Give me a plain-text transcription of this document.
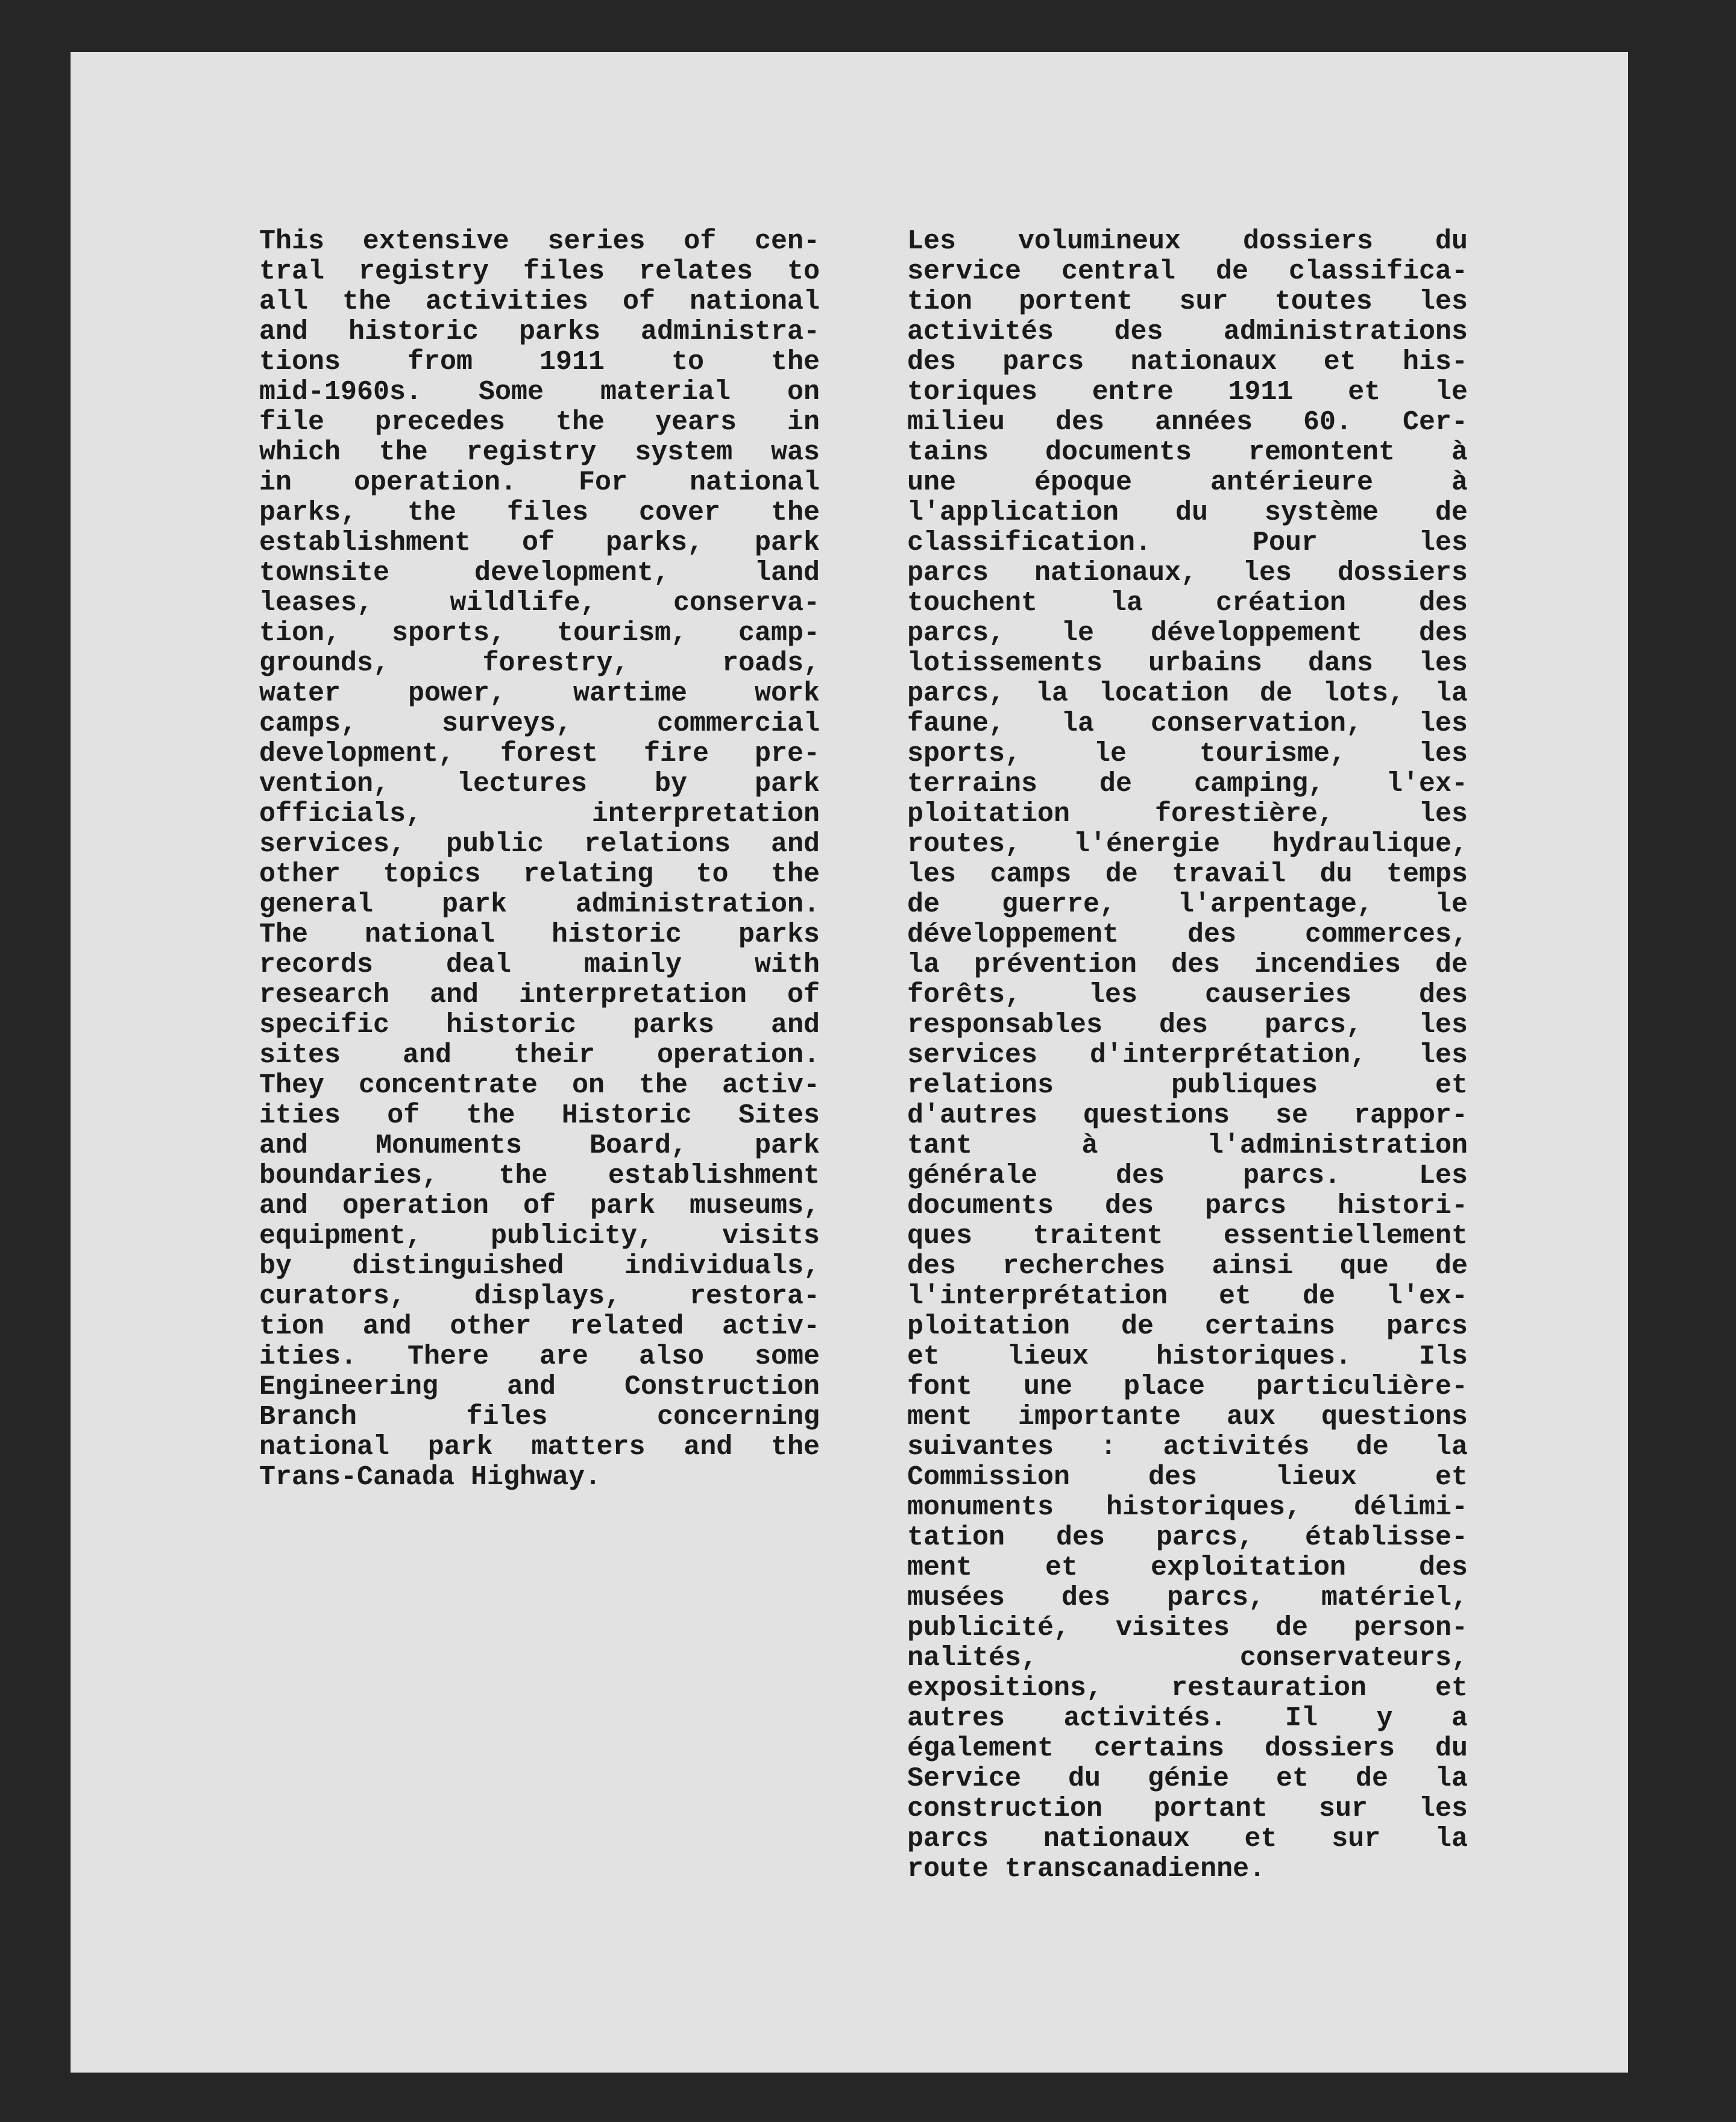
This extensive series of cen-
tral registry files relates to
all the activities of national
and historic parks administra-
tions from 1911 to the
mid-1960s. Some material on
file precedes the years in
which the registry system was
in operation. For national
parks, the files cover the
establishment of parks, park
townsite development, land
leases, wildlife, conserva-
tion, sports, tourism, camp-
grounds, forestry, roads,
water power, wartime work
camps, surveys, commercial
development, forest fire pre-
vention, lectures by park
officials, interpretation
services, public relations and
other topics relating to the
general park administration.
The national historic parks
records deal mainly with
research and interpretation of
specific historic parks and
sites and their operation.
They concentrate on the activ-
ities of the Historic Sites
and Monuments Board, park
boundaries, the establishment
and operation of park museums,
equipment, publicity, visits
by distinguished individuals,
curators, displays, restora-
tion and other related activ-
ities. There are also some
Engineering and Construction
Branch files concerning
national park matters and the
Trans-Canada Highway.
Les volumineux dossiers du
service central de classifica-
tion portent sur toutes les
activités des administrations
des parcs nationaux et his-
toriques entre 1911 et le
milieu des années 60. Cer-
tains documents remontent à
une époque antérieure à
l'application du système de
classification. Pour les
parcs nationaux, les dossiers
touchent la création des
parcs, le développement des
lotissements urbains dans les
parcs, la location de lots, la
faune, la conservation, les
sports, le tourisme, les
terrains de camping, l'ex-
ploitation forestière, les
routes, l'énergie hydraulique,
les camps de travail du temps
de guerre, l'arpentage, le
développement des commerces,
la prévention des incendies de
forêts, les causeries des
responsables des parcs, les
services d'interprétation, les
relations publiques et
d'autres questions se rappor-
tant à l'administration
générale des parcs. Les
documents des parcs histori-
ques traitent essentiellement
des recherches ainsi que de
l'interprétation et de l'ex-
ploitation de certains parcs
et lieux historiques. Ils
font une place particulière-
ment importante aux questions
suivantes : activités de la
Commission des lieux et
monuments historiques, délimi-
tation des parcs, établisse-
ment et exploitation des
musées des parcs, matériel,
publicité, visites de person-
nalités, conservateurs,
expositions, restauration et
autres activités. Il y a
également certains dossiers du
Service du génie et de la
construction portant sur les
parcs nationaux et sur la
route transcanadienne.
